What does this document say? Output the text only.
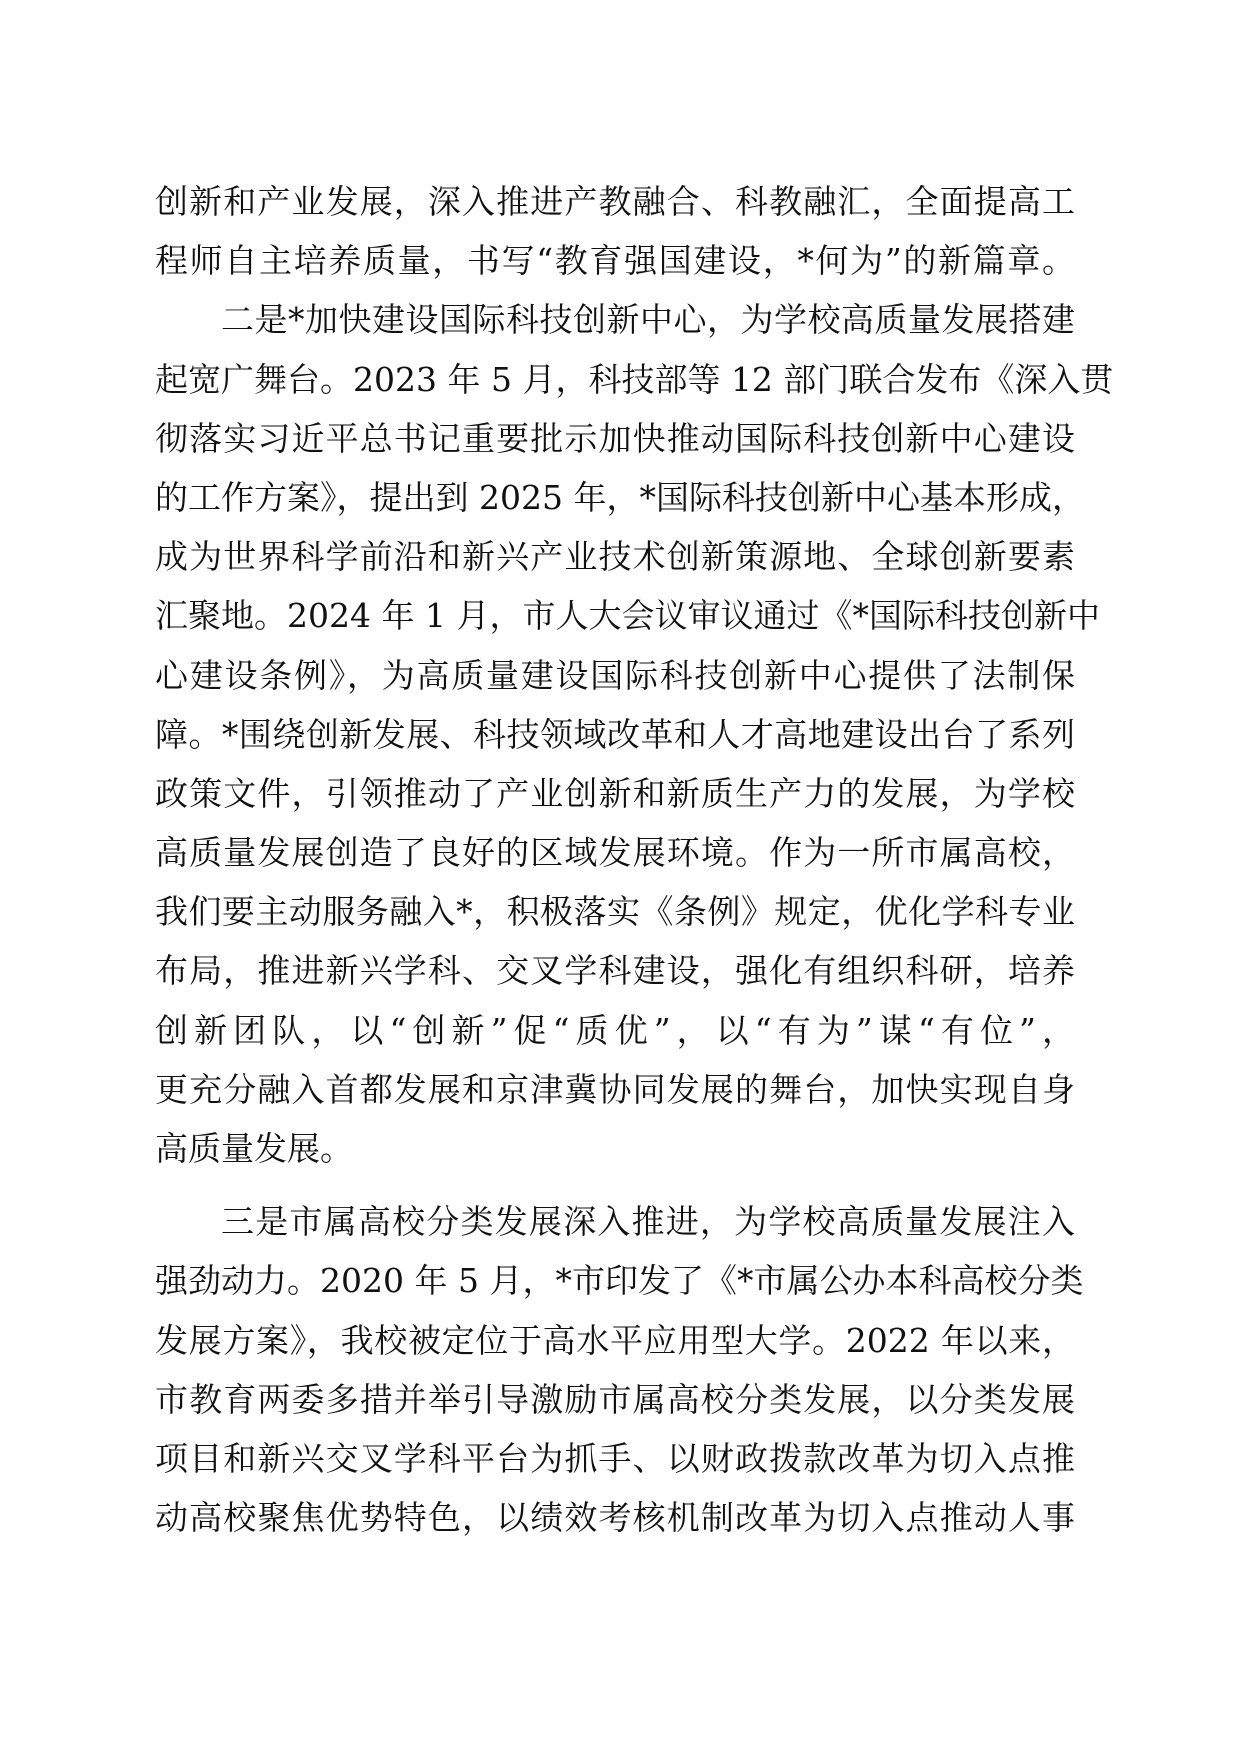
创新和产业发展，深入推进产教融合、科教融汇，全面提高工
程师自主培养质量，书写“教育强国建设，*何为”的新篇章。
二是*加快建设国际科技创新中心，为学校高质量发展搭建
起宽广舞台。2023 年 5 月，科技部等 12 部门联合发布《深入贯
彻落实习近平总书记重要批示加快推动国际科技创新中心建设
的工作方案》，提出到 2025 年，*国际科技创新中心基本形成，
成为世界科学前沿和新兴产业技术创新策源地、全球创新要素
汇聚地。2024 年 1 月，市人大会议审议通过《*国际科技创新中
心建设条例》，为高质量建设国际科技创新中心提供了法制保
障。*围绕创新发展、科技领域改革和人才高地建设出台了系列
政策文件，引领推动了产业创新和新质生产力的发展，为学校
高质量发展创造了良好的区域发展环境。作为一所市属高校，
我们要主动服务融入*，积极落实《条例》规定，优化学科专业
布局，推进新兴学科、交叉学科建设，强化有组织科研，培养
创新团队，以“创新”促“质优”，以“有为”谋“有位”，
更充分融入首都发展和京津冀协同发展的舞台，加快实现自身
高质量发展。
三是市属高校分类发展深入推进，为学校高质量发展注入
强劲动力。2020 年 5 月，*市印发了《*市属公办本科高校分类
发展方案》，我校被定位于高水平应用型大学。2022 年以来，
市教育两委多措并举引导激励市属高校分类发展，以分类发展
项目和新兴交叉学科平台为抓手、以财政拨款改革为切入点推
动高校聚焦优势特色，以绩效考核机制改革为切入点推动人事
